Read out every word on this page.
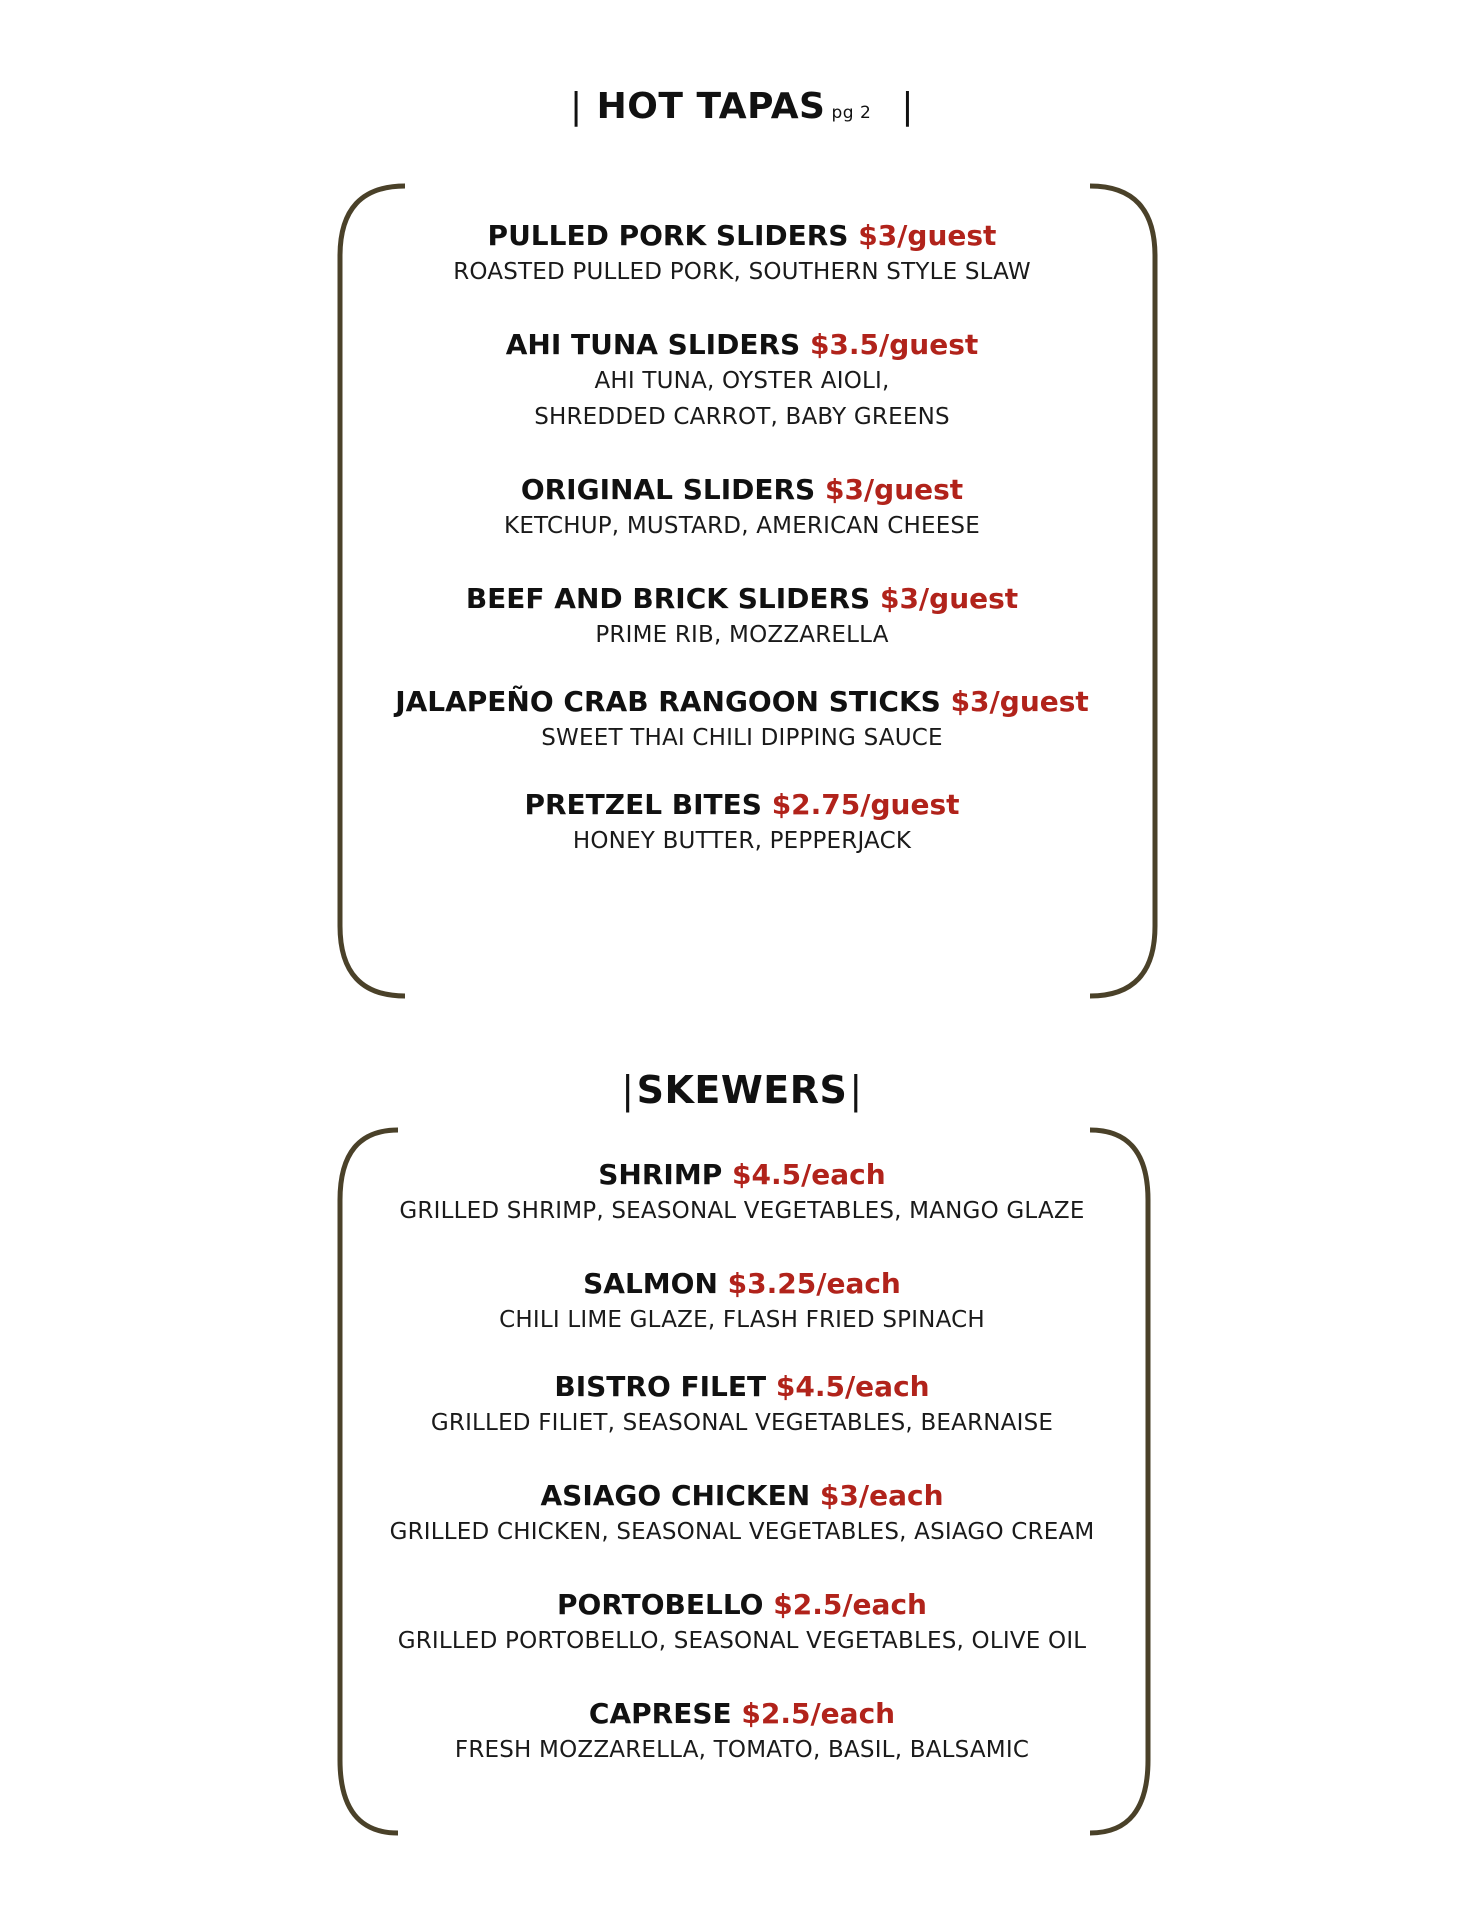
| HOT TAPAS pg 2 |
|SKEWERS|
PULLED PORK SLIDERS $3/guest
ROASTED PULLED PORK, SOUTHERN STYLE SLAW
AHI TUNA SLIDERS $3.5/guest
AHI TUNA, OYSTER AIOLI,
SHREDDED CARROT, BABY GREENS
ORIGINAL SLIDERS $3/guest
KETCHUP, MUSTARD, AMERICAN CHEESE
BEEF AND BRICK SLIDERS $3/guest
PRIME RIB, MOZZARELLA
JALAPEÑO CRAB RANGOON STICKS $3/guest
SWEET THAI CHILI DIPPING SAUCE
PRETZEL BITES $2.75/guest
HONEY BUTTER, PEPPERJACK
SHRIMP $4.5/each
GRILLED SHRIMP, SEASONAL VEGETABLES, MANGO GLAZE
SALMON $3.25/each
CHILI LIME GLAZE, FLASH FRIED SPINACH
BISTRO FILET $4.5/each
GRILLED FILIET, SEASONAL VEGETABLES, BEARNAISE
ASIAGO CHICKEN $3/each
GRILLED CHICKEN, SEASONAL VEGETABLES, ASIAGO CREAM
PORTOBELLO $2.5/each
GRILLED PORTOBELLO, SEASONAL VEGETABLES, OLIVE OIL
CAPRESE $2.5/each
FRESH MOZZARELLA, TOMATO, BASIL, BALSAMIC
